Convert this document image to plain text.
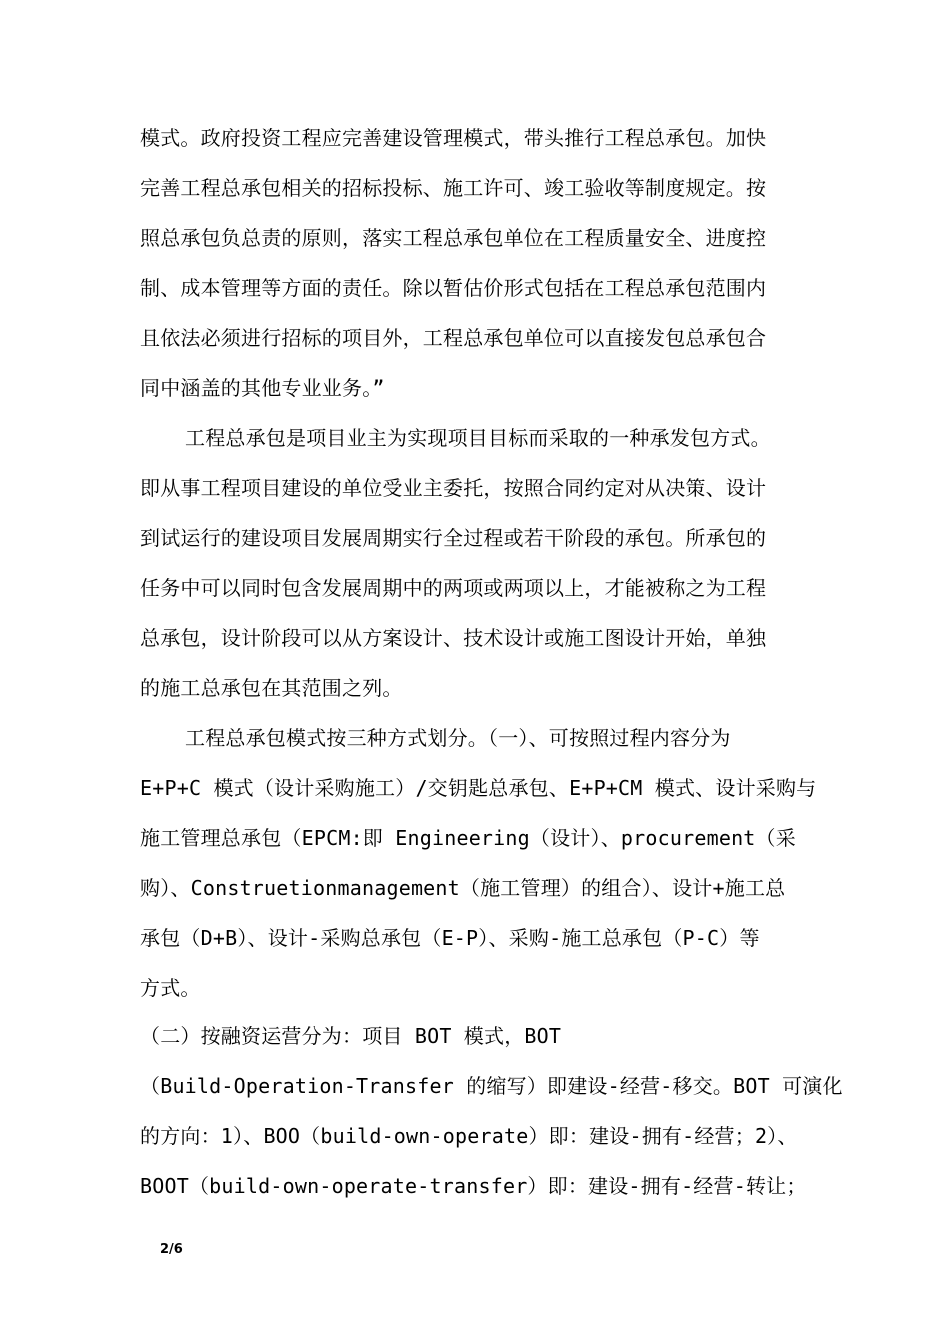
模式。政府投资工程应完善建设管理模式，带头推行工程总承包。加快
完善工程总承包相关的招标投标、施工许可、竣工验收等制度规定。按
照总承包负总责的原则，落实工程总承包单位在工程质量安全、进度控
制、成本管理等方面的责任。除以暂估价形式包括在工程总承包范围内
且依法必须进行招标的项目外，工程总承包单位可以直接发包总承包合
同中涵盖的其他专业业务。”
工程总承包是项目业主为实现项目目标而采取的一种承发包方式。
即从事工程项目建设的单位受业主委托，按照合同约定对从决策、设计
到试运行的建设项目发展周期实行全过程或若干阶段的承包。所承包的
任务中可以同时包含发展周期中的两项或两项以上，才能被称之为工程
总承包，设计阶段可以从方案设计、技术设计或施工图设计开始，单独
的施工总承包在其范围之列。
工程总承包模式按三种方式划分。（一）、可按照过程内容分为
E+P+C 模式（设计采购施工）/交钥匙总承包、E+P+CM 模式、设计采购与
施工管理总承包（EPCM:即 Engineering（设计）、procurement（采
购）、Construetionmanagement（施工管理）的组合）、设计+施工总
承包（D+B）、设计-采购总承包（E-P）、采购-施工总承包（P-C）等
方式。
（二）按融资运营分为：项目 BOT 模式，BOT
（Build-Operation-Transfer 的缩写）即建设-经营-移交。BOT 可演化
的方向：1）、BOO（build-own-operate）即：建设-拥有-经营；2）、
BOOT（build-own-operate-transfer）即：建设-拥有-经营-转让；
2/6
